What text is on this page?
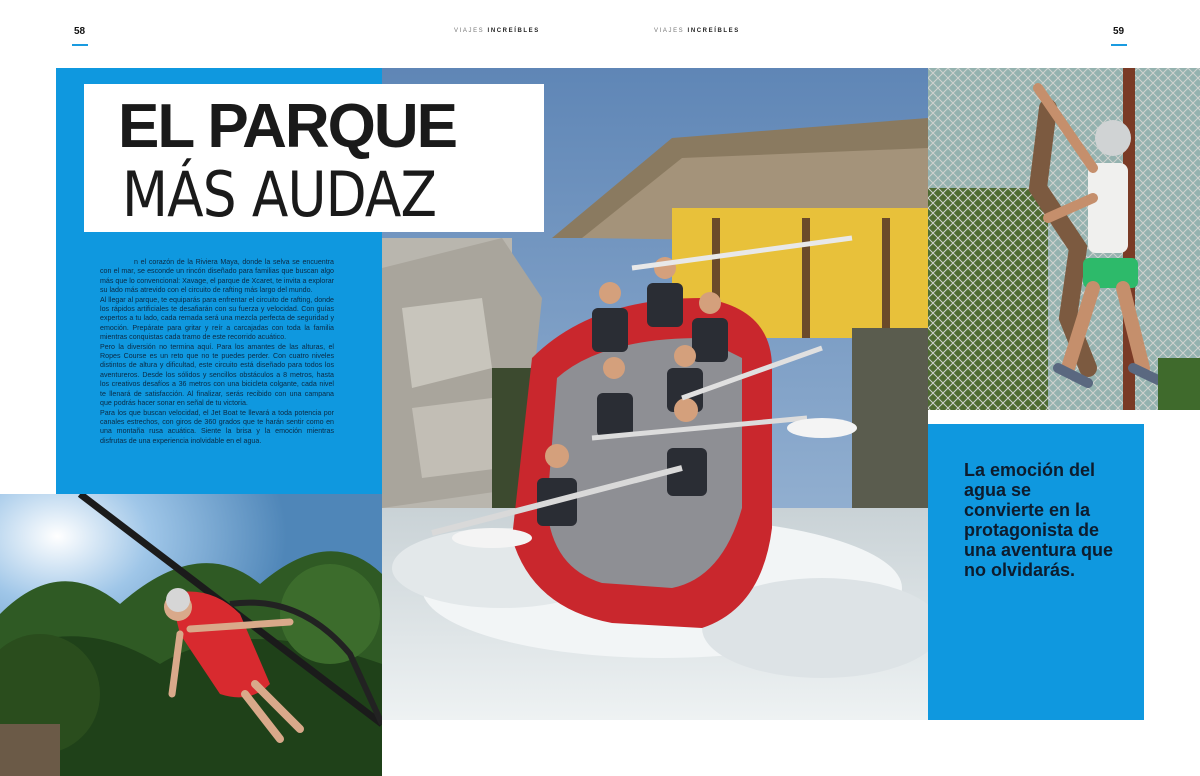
58	VIAJES INCREÍBLES	VIAJES INCREÍBLES	59
EL PARQUE
MÁS AUDAZ

n el corazón de la Riviera Maya, donde la selva se encuentra con el mar, se esconde un rincón diseñado para familias que buscan algo más que lo convencional: Xavage, el parque de Xcaret, te invita a explorar su lado más atrevido con el circuito de rafting más largo del mundo.

Al llegar al parque, te equiparás para enfrentar el circuito de rafting, donde los rápidos artificiales te desafiarán con su fuerza y velocidad. Con guías expertos a tu lado, cada remada será una mezcla perfecta de seguridad y emoción. Prepárate para gritar y reír a carcajadas con toda la familia mientras conquistas cada tramo de este recorrido acuático.

Pero la diversión no termina aquí. Para los amantes de las alturas, el Ropes Course es un reto que no te puedes perder. Con cuatro niveles distintos de altura y dificultad, este circuito está diseñado para todos los aventureros. Desde los sólidos y sencillos obstáculos a 8 metros, hasta los creativos desafíos a 36 metros con una bicicleta colgante, cada nivel te llenará de satisfacción. Al finalizar, serás recibido con una campana que podrás hacer sonar en señal de tu victoria.

Para los que buscan velocidad, el Jet Boat te llevará a toda potencia por canales estrechos, con giros de 360 grados que te harán sentir como en una montaña rusa acuática. Siente la brisa y la emoción mientras disfrutas de una experiencia inolvidable en el agua.

La emoción del agua se convierte en la protagonista de una aventura que no olvidarás.
